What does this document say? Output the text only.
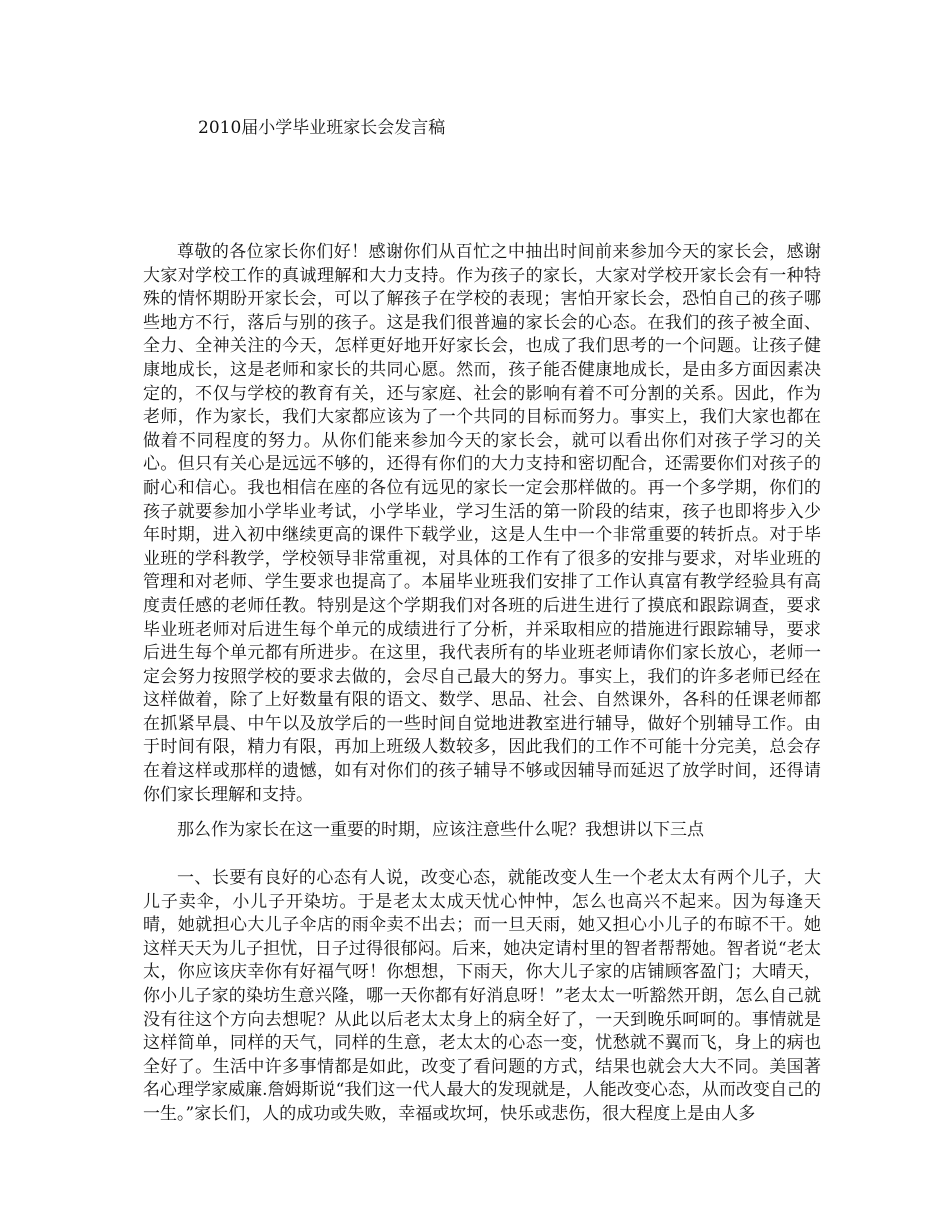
2010届小学毕业班家长会发言稿

尊敬的各位家长你们好！感谢你们从百忙之中抽出时间前来参加今天的家长会，感谢大家对学校工作的真诚理解和大力支持。作为孩子的家长，大家对学校开家长会有一种特殊的情怀期盼开家长会，可以了解孩子在学校的表现；害怕开家长会，恐怕自己的孩子哪些地方不行，落后与别的孩子。这是我们很普遍的家长会的心态。在我们的孩子被全面、全力、全神关注的今天，怎样更好地开好家长会，也成了我们思考的一个问题。让孩子健康地成长，这是老师和家长的共同心愿。然而，孩子能否健康地成长，是由多方面因素决定的，不仅与学校的教育有关，还与家庭、社会的影响有着不可分割的关系。因此，作为老师，作为家长，我们大家都应该为了一个共同的目标而努力。事实上，我们大家也都在做着不同程度的努力。从你们能来参加今天的家长会，就可以看出你们对孩子学习的关心。但只有关心是远远不够的，还得有你们的大力支持和密切配合，还需要你们对孩子的耐心和信心。我也相信在座的各位有远见的家长一定会那样做的。再一个多学期，你们的孩子就要参加小学毕业考试，小学毕业，学习生活的第一阶段的结束，孩子也即将步入少年时期，进入初中继续更高的课件下载学业，这是人生中一个非常重要的转折点。对于毕业班的学科教学，学校领导非常重视，对具体的工作有了很多的安排与要求，对毕业班的管理和对老师、学生要求也提高了。本届毕业班我们安排了工作认真富有教学经验具有高度责任感的老师任教。特别是这个学期我们对各班的后进生进行了摸底和跟踪调查，要求毕业班老师对后进生每个单元的成绩进行了分析，并采取相应的措施进行跟踪辅导，要求后进生每个单元都有所进步。在这里，我代表所有的毕业班老师请你们家长放心，老师一定会努力按照学校的要求去做的，会尽自己最大的努力。事实上，我们的许多老师已经在这样做着，除了上好数量有限的语文、数学、思品、社会、自然课外，各科的任课老师都在抓紧早晨、中午以及放学后的一些时间自觉地进教室进行辅导，做好个别辅导工作。由于时间有限，精力有限，再加上班级人数较多，因此我们的工作不可能十分完美，总会存在着这样或那样的遗憾，如有对你们的孩子辅导不够或因辅导而延迟了放学时间，还得请你们家长理解和支持。

那么作为家长在这一重要的时期，应该注意些什么呢？我想讲以下三点

一、长要有良好的心态有人说，改变心态，就能改变人生一个老太太有两个儿子，大儿子卖伞，小儿子开染坊。于是老太太成天忧心忡忡，怎么也高兴不起来。因为每逢天晴，她就担心大儿子伞店的雨伞卖不出去；而一旦天雨，她又担心小儿子的布晾不干。她这样天天为儿子担忧，日子过得很郁闷。后来，她决定请村里的智者帮帮她。智者说“老太太，你应该庆幸你有好福气呀！你想想，下雨天，你大儿子家的店铺顾客盈门；大晴天，你小儿子家的染坊生意兴隆，哪一天你都有好消息呀！”老太太一听豁然开朗，怎么自己就没有往这个方向去想呢？从此以后老太太身上的病全好了，一天到晚乐呵呵的。事情就是这样简单，同样的天气，同样的生意，老太太的心态一变，忧愁就不翼而飞，身上的病也全好了。生活中许多事情都是如此，改变了看问题的方式，结果也就会大大不同。美国著名心理学家威廉.詹姆斯说“我们这一代人最大的发现就是，人能改变心态，从而改变自己的一生。”家长们，人的成功或失败，幸福或坎坷，快乐或悲伤，很大程度上是由人多
